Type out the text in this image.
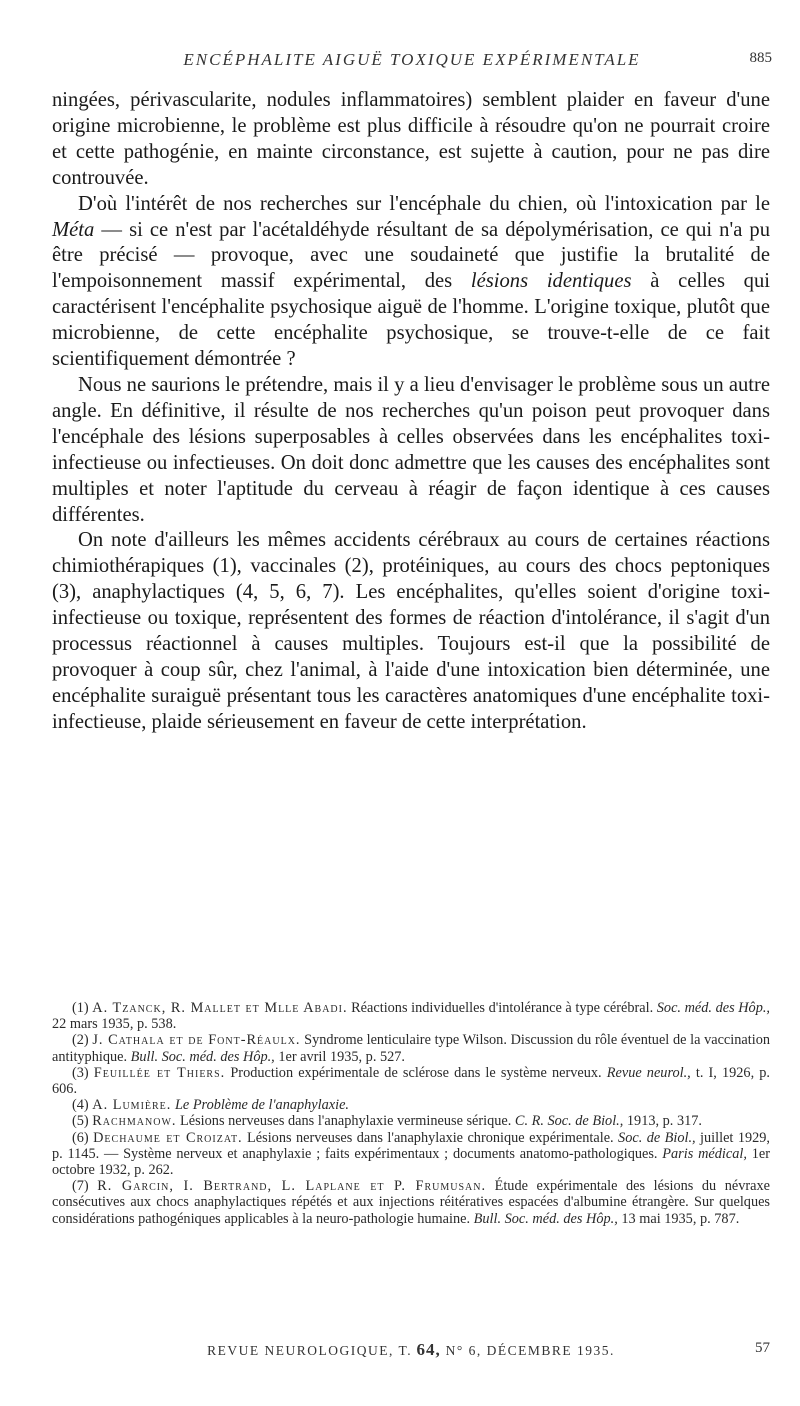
ENCÉPHALITE AIGUË TOXIQUE EXPÉRIMENTALE	885

ningées, périvascularite, nodules inflammatoires) semblent plaider en faveur d'une origine microbienne, le problème est plus difficile à résoudre qu'on ne pourrait croire et cette pathogénie, en mainte circonstance, est sujette à caution, pour ne pas dire controuvée.

D'où l'intérêt de nos recherches sur l'encéphale du chien, où l'intoxication par le Méta — si ce n'est par l'acétaldéhyde résultant de sa dépolymérisation, ce qui n'a pu être précisé — provoque, avec une soudaineté que justifie la brutalité de l'empoisonnement massif expérimental, des lésions identiques à celles qui caractérisent l'encéphalite psychosique aiguë de l'homme. L'origine toxique, plutôt que microbienne, de cette encéphalite psychosique, se trouve-t-elle de ce fait scientifiquement démontrée ?

Nous ne saurions le prétendre, mais il y a lieu d'envisager le problème sous un autre angle. En définitive, il résulte de nos recherches qu'un poison peut provoquer dans l'encéphale des lésions superposables à celles observées dans les encéphalites toxi-infectieuse ou infectieuses. On doit donc admettre que les causes des encéphalites sont multiples et noter l'aptitude du cerveau à réagir de façon identique à ces causes différentes.

On note d'ailleurs les mêmes accidents cérébraux au cours de certaines réactions chimiothérapiques (1), vaccinales (2), protéiniques, au cours des chocs peptoniques (3), anaphylactiques (4, 5, 6, 7). Les encéphalites, qu'elles soient d'origine toxi-infectieuse ou toxique, représentent des formes de réaction d'intolérance, il s'agit d'un processus réactionnel à causes multiples. Toujours est-il que la possibilité de provoquer à coup sûr, chez l'animal, à l'aide d'une intoxication bien déterminée, une encéphalite suraiguë présentant tous les caractères anatomiques d'une encéphalite toxi-infectieuse, plaide sérieusement en faveur de cette interprétation.

(1) A. Tzanck, R. Mallet et Mlle Abadi. Réactions individuelles d'intolérance à type cérébral. Soc. méd. des Hôp., 22 mars 1935, p. 538.

(2) J. Cathala et de Font-Réaulx. Syndrome lenticulaire type Wilson. Discussion du rôle éventuel de la vaccination antityphique. Bull. Soc. méd. des Hôp., 1er avril 1935, p. 527.

(3) Feuillée et Thiers. Production expérimentale de sclérose dans le système nerveux. Revue neurol., t. I, 1926, p. 606.

(4) A. Lumière. Le Problème de l'anaphylaxie.

(5) Rachmanow. Lésions nerveuses dans l'anaphylaxie vermineuse sérique. C. R. Soc. de Biol., 1913, p. 317.

(6) Dechaume et Croizat. Lésions nerveuses dans l'anaphylaxie chronique expérimentale. Soc. de Biol., juillet 1929, p. 1145. — Système nerveux et anaphylaxie ; faits expérimentaux ; documents anatomo-pathologiques. Paris médical, 1er octobre 1932, p. 262.

(7) R. Garcin, I. Bertrand, L. Laplane et P. Frumusan. Étude expérimentale des lésions du névraxe consécutives aux chocs anaphylactiques répétés et aux injections réitératives espacées d'albumine étrangère. Sur quelques considérations pathogéniques applicables à la neuro-pathologie humaine. Bull. Soc. méd. des Hôp., 13 mai 1935, p. 787.

REVUE NEUROLOGIQUE, T. 64, N° 6, DÉCEMBRE 1935.	57
